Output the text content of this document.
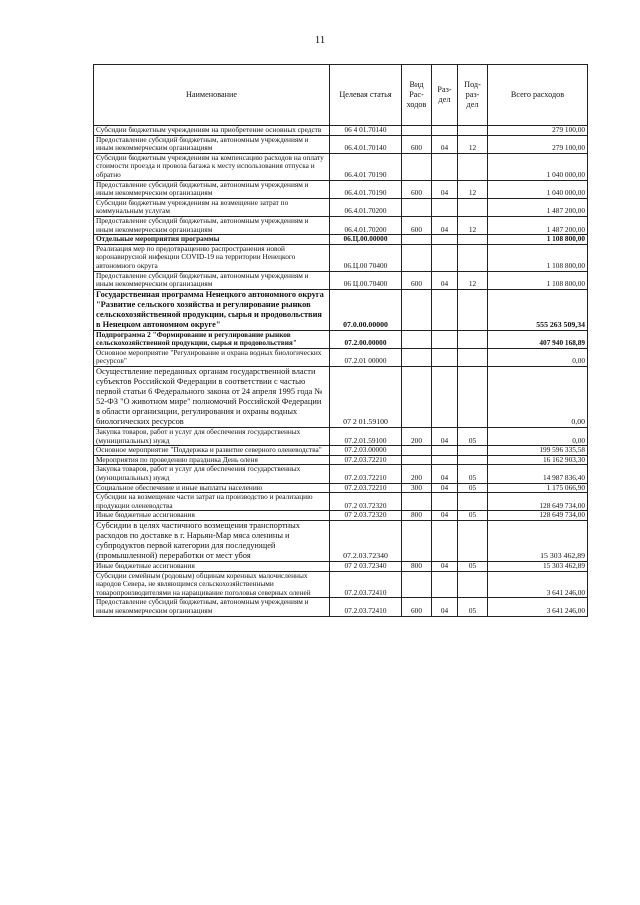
11
Наименование	Целевая статья	Вид Рас- ходов	Раз- дел	Под- раз- дел	Всего расходов
Субсидии бюджетным учреждениям на приобретение основных средств	06 4 01.70140				279 100,00
Предоставление субсидий бюджетным, автономным учреждениям и иным некоммерческим организациям	06.4.01.70140	600	04	12	279 100,00
Субсидии бюджетным учреждениям на компенсацию расходов на оплату стоимости проезда и провоза багажа к месту использования отпуска и обратно	06.4.01 70190				1 040 000,00
Предоставление субсидий бюджетным, автономным учреждениям и иным некоммерческим организациям	06.4.01.70190	600	04	12	1 040 000,00
Субсидии бюджетным учреждениям на возмещение затрат по коммунальным услугам	06.4.01.70200				1 487 200,00
Предоставление субсидий бюджетным, автономным учреждениям и иным некоммерческим организациям	06.4.01.70200	600	04	12	1 487 200,00
Отдельные мероприятия программы	06.Ц.00.00000				1 108 800,00
Реализация мер по предотвращению распространения новой коронавирусной инфекции COVID-19 на территории Ненецкого автономного округа	06.Ц.00 70400				1 108 800,00
Предоставление субсидий бюджетным, автономным учреждениям и иным некоммерческим организациям	06 Ц.00.70400	600	04	12	1 108 800,00
Государственная программа Ненецкого автономного округа "Развитие сельского хозяйства и регулирование рынков сельскохозяйственной продукции, сырья и продовольствия в Ненецком автономном округе"	07.0.00.00000				555 263 509,34
Подпрограмма 2 "Формирование и регулирование рынков сельскохозяйственной продукции, сырья и продовольствия"	07.2.00.00000				407 940 168,89
Основное мероприятие "Регулирование и охрана водных биологических ресурсов"	07.2.01 00000				0,00
Осуществление переданных органам государственной власти субъектов Российской Федерации в соответствии с частью первой статьи 6 Федерального закона от 24 апреля 1995 года № 52-ФЗ "О животном мире" полномочий Российской Федерации в области организации, регулирования и охраны водных биологических ресурсов	07 2 01.59100				0,00
Закупка товаров, работ и услуг для обеспечения государственных (муниципальных) нужд	07.2.01.59100	200	04	05	0,00
Основное мероприятие "Поддержка и развитие северного оленеводства"	07.2.03.00000				199 596 335,58
Мероприятия по проведению праздника День оленя	07.2.03.72210				16 162 903,30
Закупка товаров, работ и услуг для обеспечения государственных (муниципальных) нужд	07.2.03.72210	200	04	05	14 987 836,40
Социальное обеспечение и иные выплаты населению	07.2.03.72210	300	04	05	1 175 066,90
Субсидии на возмещение части затрат на производство и реализацию продукции оленеводства	07.2 03.72320				128 649 734,00
Иные бюджетные ассигнования	07 2.03.72320	800	04	05	128 649 734,00
Субсидии в целях частичного возмещения транспортных расходов по доставке в г. Нарьян-Мар мяса оленины и субпродуктов первой категории для последующей (промышленной) переработки от мест убоя	07.2.03.72340				15 303 462,89
Иные бюджетные ассигнования	07 2 03.72340	800	04	05	15 303 462,89
Субсидии семейным (родовым) общинам коренных малочисленных народов Севера, не являющимся сельскохозяйственными товаропроизводителями на наращивание поголовья северных оленей	07.2.03.72410				3 641 246,00
Предоставление субсидий бюджетным, автономным учреждениям и иным некоммерческим организациям	07.2.03.72410	600	04	05	3 641 246,00
